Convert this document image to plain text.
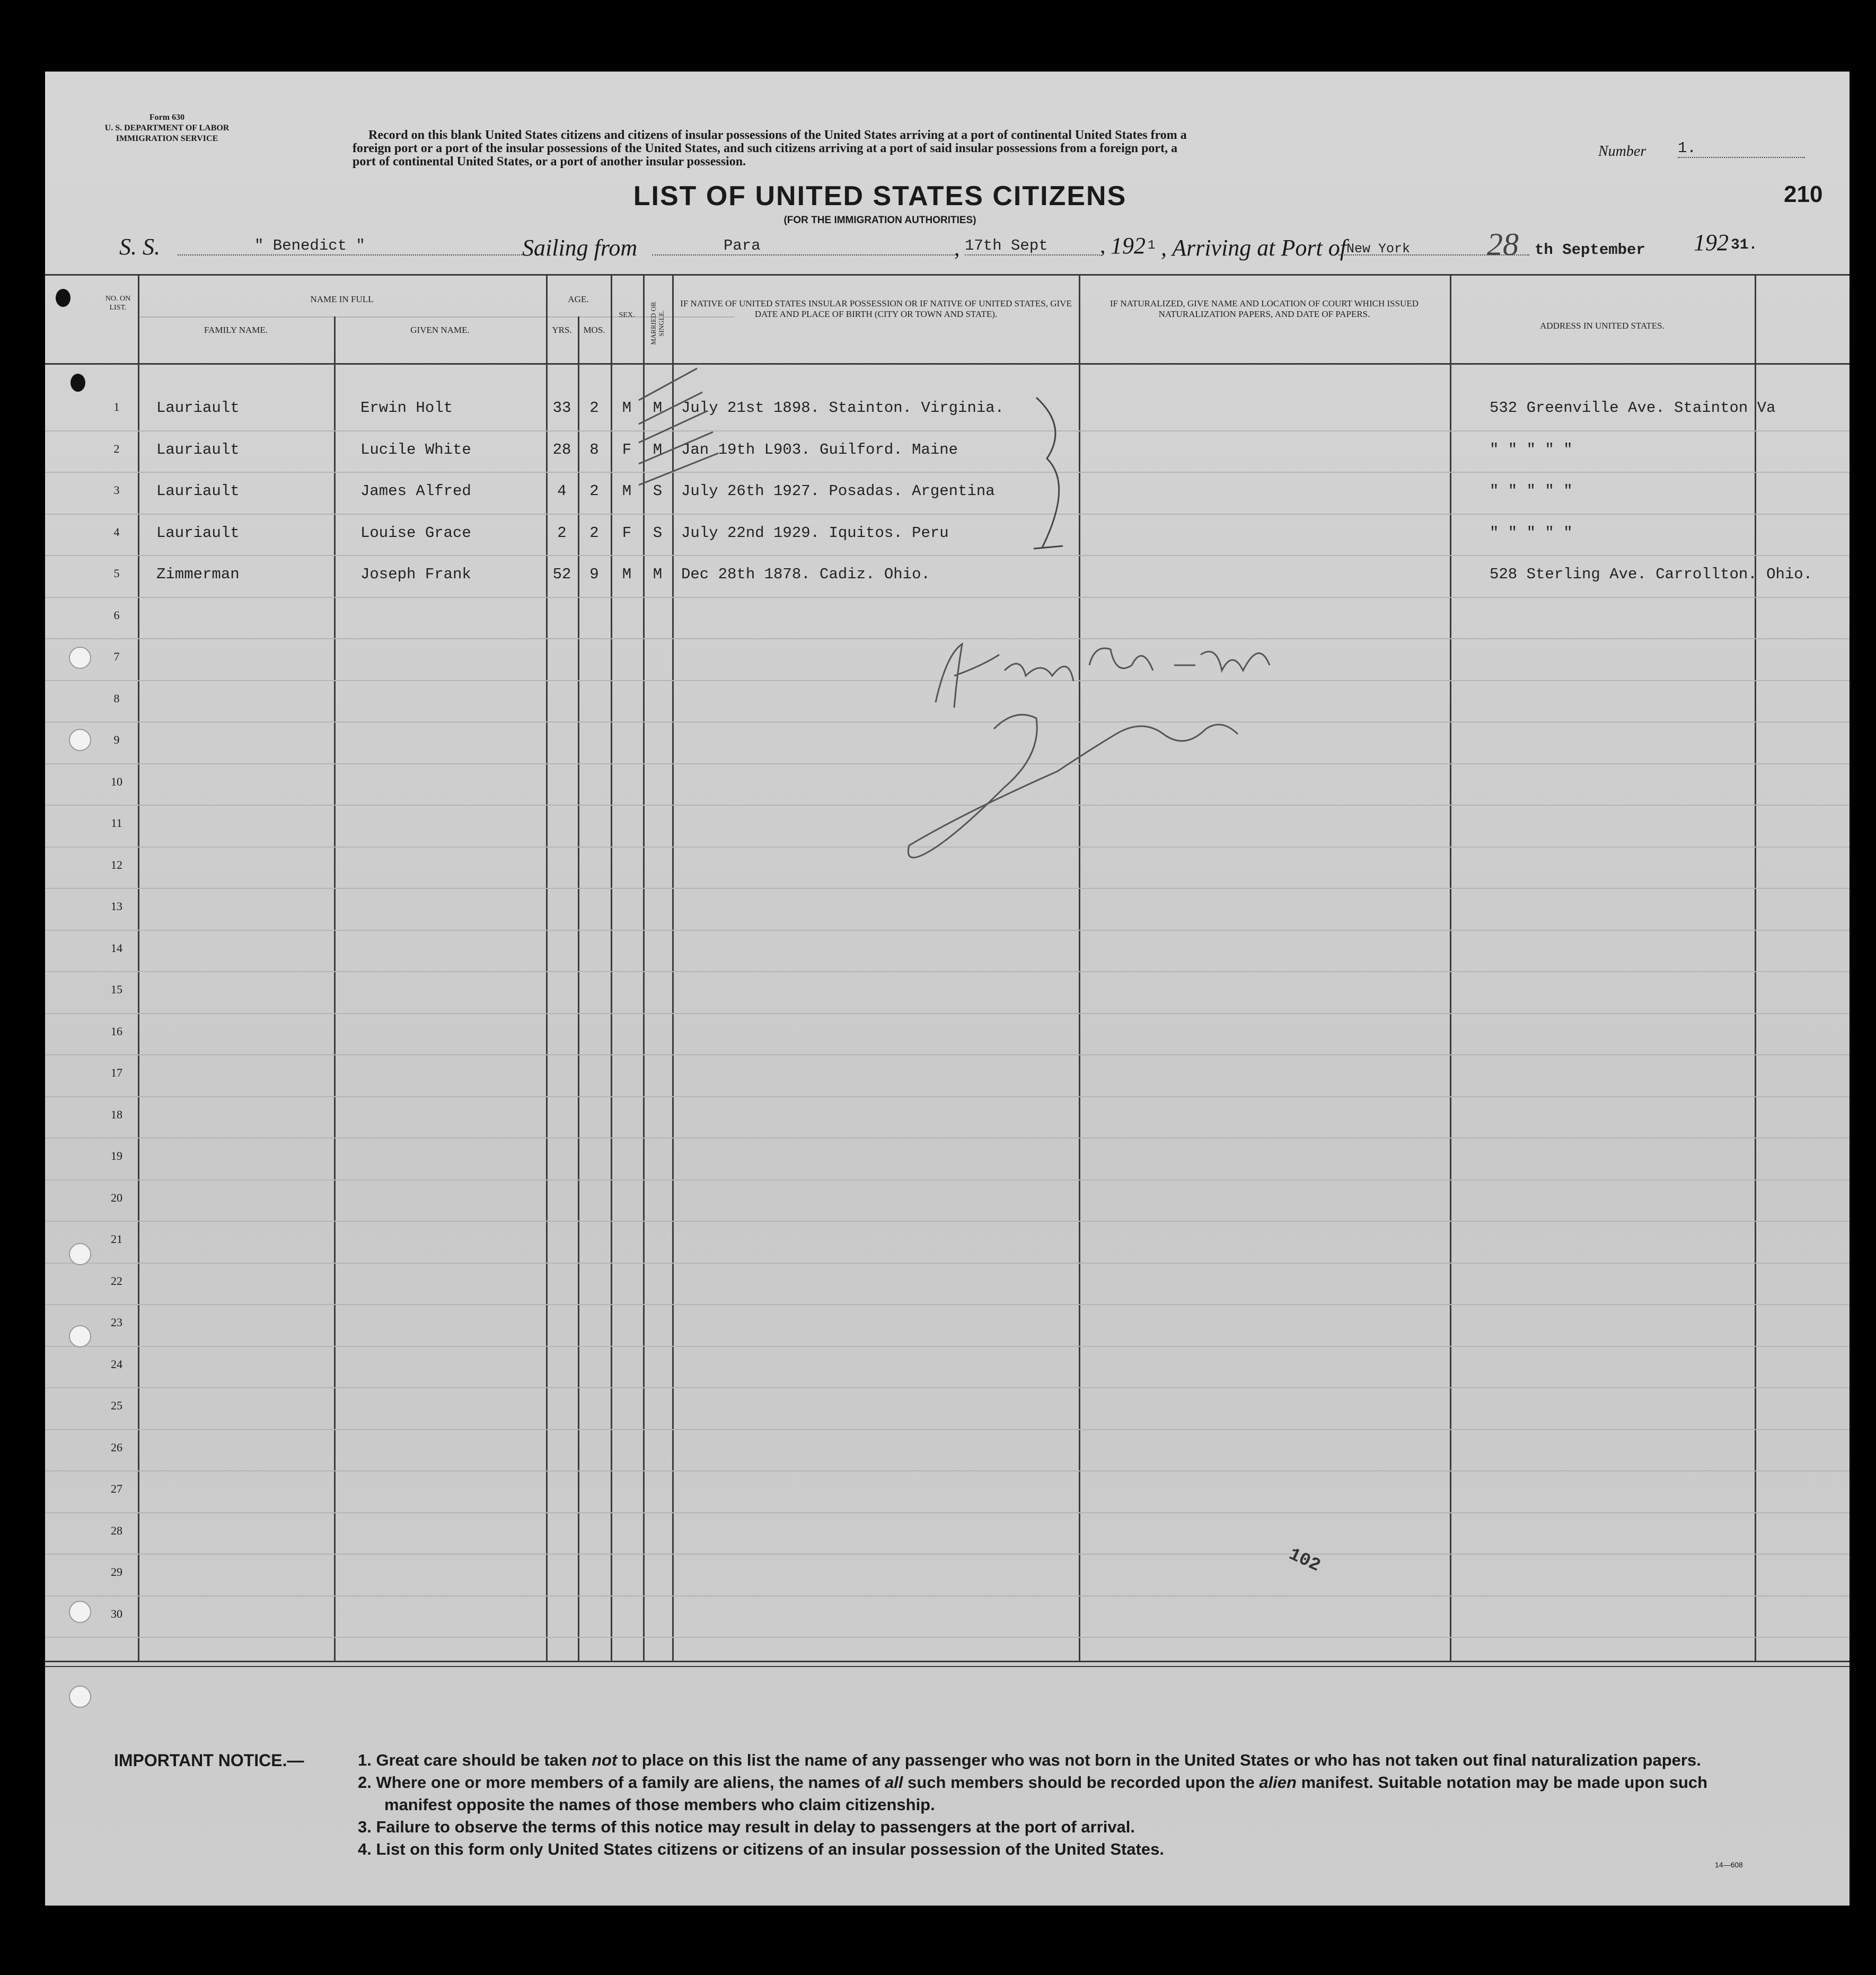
Form 630
U. S. DEPARTMENT OF LABOR
IMMIGRATION SERVICE	Record on this blank United States citizens and citizens of insular possessions of the United States arriving at a port of continental United States from a
foreign port or a port of the insular possessions of the United States, and such citizens arriving at a port of said insular possessions from a foreign port, a
port of continental United States, or a port of another insular possession.
Number 1.
210
LIST OF UNITED STATES CITIZENS
(FOR THE IMMIGRATION AUTHORITIES)
S. S.	" Benedict "	Sailing from	Para	, 17th Sept	, 192 1 , Arriving at Port of New York 28 th September 192 31.
NO. ON LIST.
NAME IN FULL
FAMILY NAME.	GIVEN NAME.
AGE.
YRS.	MOS.
SEX.	MARRIED OR SINGLE.
IF NATIVE OF UNITED STATES INSULAR POSSESSION OR IF NATIVE OF UNITED STATES, GIVE DATE AND PLACE OF BIRTH (CITY OR TOWN AND STATE).
IF NATURALIZED, GIVE NAME AND LOCATION OF COURT WHICH ISSUED NATURALIZATION PAPERS, AND DATE OF PAPERS.
ADDRESS IN UNITED STATES.
1	Lauriault	Erwin Holt	33	2	M	M	July 21st 1898. Stainton. Virginia.	532 Greenville Ave. Stainton Va
2	Lauriault	Lucile White	28	8	F	M	Jan 19th L903. Guilford. Maine	" " " " "
3	Lauriault	James Alfred	4	2	M	S	July 26th 1927. Posadas. Argentina	" " " " "
4	Lauriault	Louise Grace	2	2	F	S	July 22nd 1929. Iquitos. Peru	" " " " "
5	Zimmerman	Joseph Frank	52	9	M	M	Dec 28th 1878. Cadiz. Ohio.	528 Sterling Ave. Carrollton. Ohio.
6
7
8
9
10
11
12
13
14
15
16
17
18
19
20
21
22
23
24
25
26
27
28
29
30
102
IMPORTANT NOTICE.—	1. Great care should be taken not to place on this list the name of any passenger who was not born in the United States or who has not taken out final naturalization papers.
2. Where one or more members of a family are aliens, the names of all such members should be recorded upon the alien manifest. Suitable notation may be made upon such
manifest opposite the names of those members who claim citizenship.
3. Failure to observe the terms of this notice may result in delay to passengers at the port of arrival.
4. List on this form only United States citizens or citizens of an insular possession of the United States.
14—608
